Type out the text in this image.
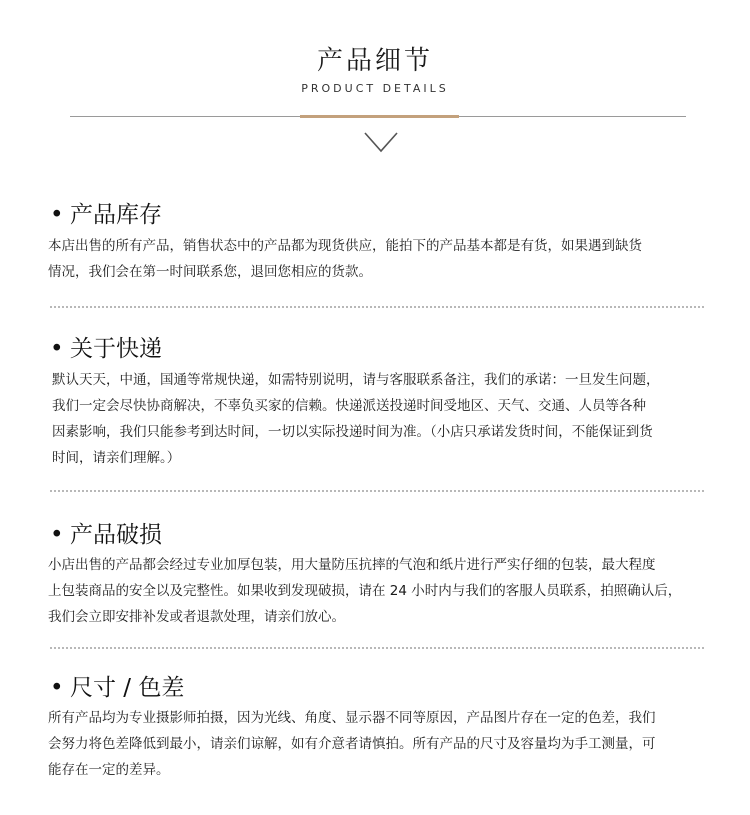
产品细节
PRODUCT DETAILS
• 产品库存

本店出售的所有产品，销售状态中的产品都为现货供应，能拍下的产品基本都是有货，如果遇到缺货

情况，我们会在第一时间联系您，退回您相应的货款。

• 关于快递

默认天天，中通，国通等常规快递，如需特别说明，请与客服联系备注，我们的承诺：一旦发生问题，

我们一定会尽快协商解决，不辜负买家的信赖。快递派送投递时间受地区、天气、交通、人员等各种

因素影响，我们只能参考到达时间，一切以实际投递时间为准。（小店只承诺发货时间，不能保证到货

时间，请亲们理解。）

• 产品破损

小店出售的产品都会经过专业加厚包装，用大量防压抗摔的气泡和纸片进行严实仔细的包装，最大程度

上包装商品的安全以及完整性。如果收到发现破损，请在 24 小时内与我们的客服人员联系，拍照确认后，

我们会立即安排补发或者退款处理，请亲们放心。

• 尺寸 / 色差

所有产品均为专业摄影师拍摄，因为光线、角度、显示器不同等原因，产品图片存在一定的色差，我们

会努力将色差降低到最小，请亲们谅解，如有介意者请慎拍。所有产品的尺寸及容量均为手工测量，可

能存在一定的差异。
